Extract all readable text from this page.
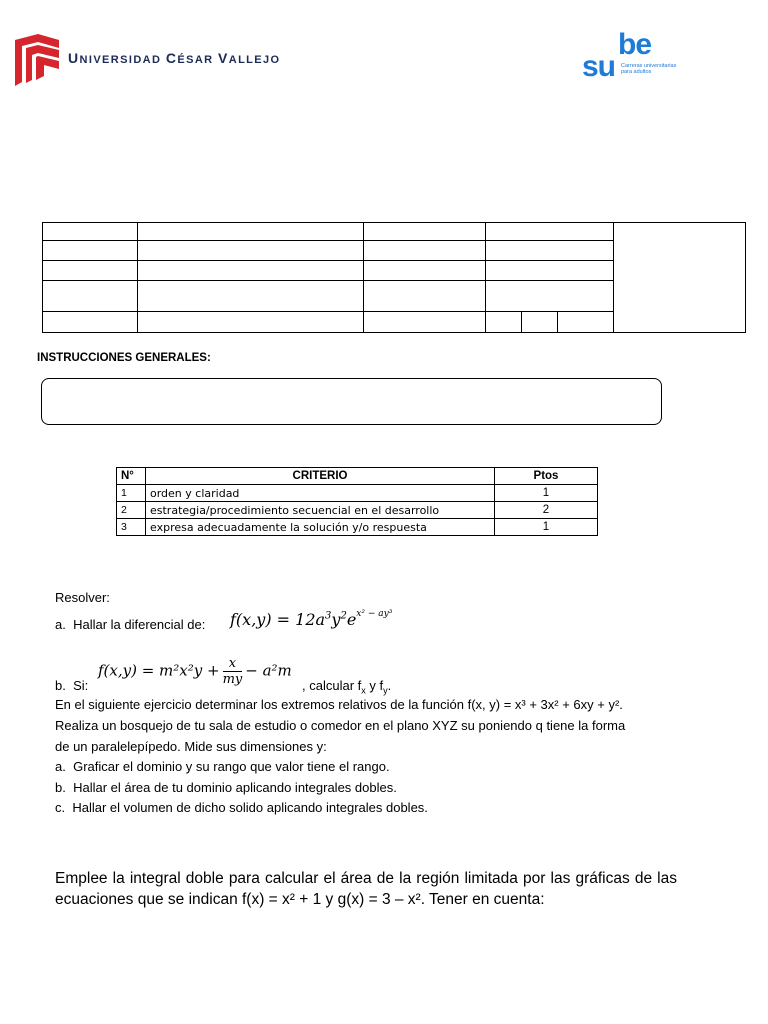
UNIVERSIDAD CÉSAR VALLEJO	su
be
Carreras universitarias para adultos
INSTRUCCIONES GENERALES:
N°	CRITERIO	Ptos
1	orden y claridad	1
2	estrategia/procedimiento secuencial en el desarrollo	2
3	expresa adecuadamente la solución y/o respuesta	1
Resolver:
a. Hallar la diferencial de: $f(x,y) = 12a^3y^2e^{x^2 - ay^3}$
$f(x,y) = m^2x^2y + \frac{x}{my} - a^2m$
b. Si:	, calcular $f_x$ y $f_y$.
En el siguiente ejercicio determinar los extremos relativos de la función f(x, y) = x³ + 3x² + 6xy + y².
Realiza un bosquejo de tu sala de estudio o comedor en el plano XYZ su poniendo q tiene la forma
de un paralelepípedo. Mide sus dimensiones y:
a. Graficar el dominio y su rango que valor tiene el rango.
b. Hallar el área de tu dominio aplicando integrales dobles.
c. Hallar el volumen de dicho solido aplicando integrales dobles.
Emplee la integral doble para calcular el área de la región limitada por las gráficas de las ecuaciones que se indican f(x) = x² + 1 y g(x) = 3 – x². Tener en cuenta:
